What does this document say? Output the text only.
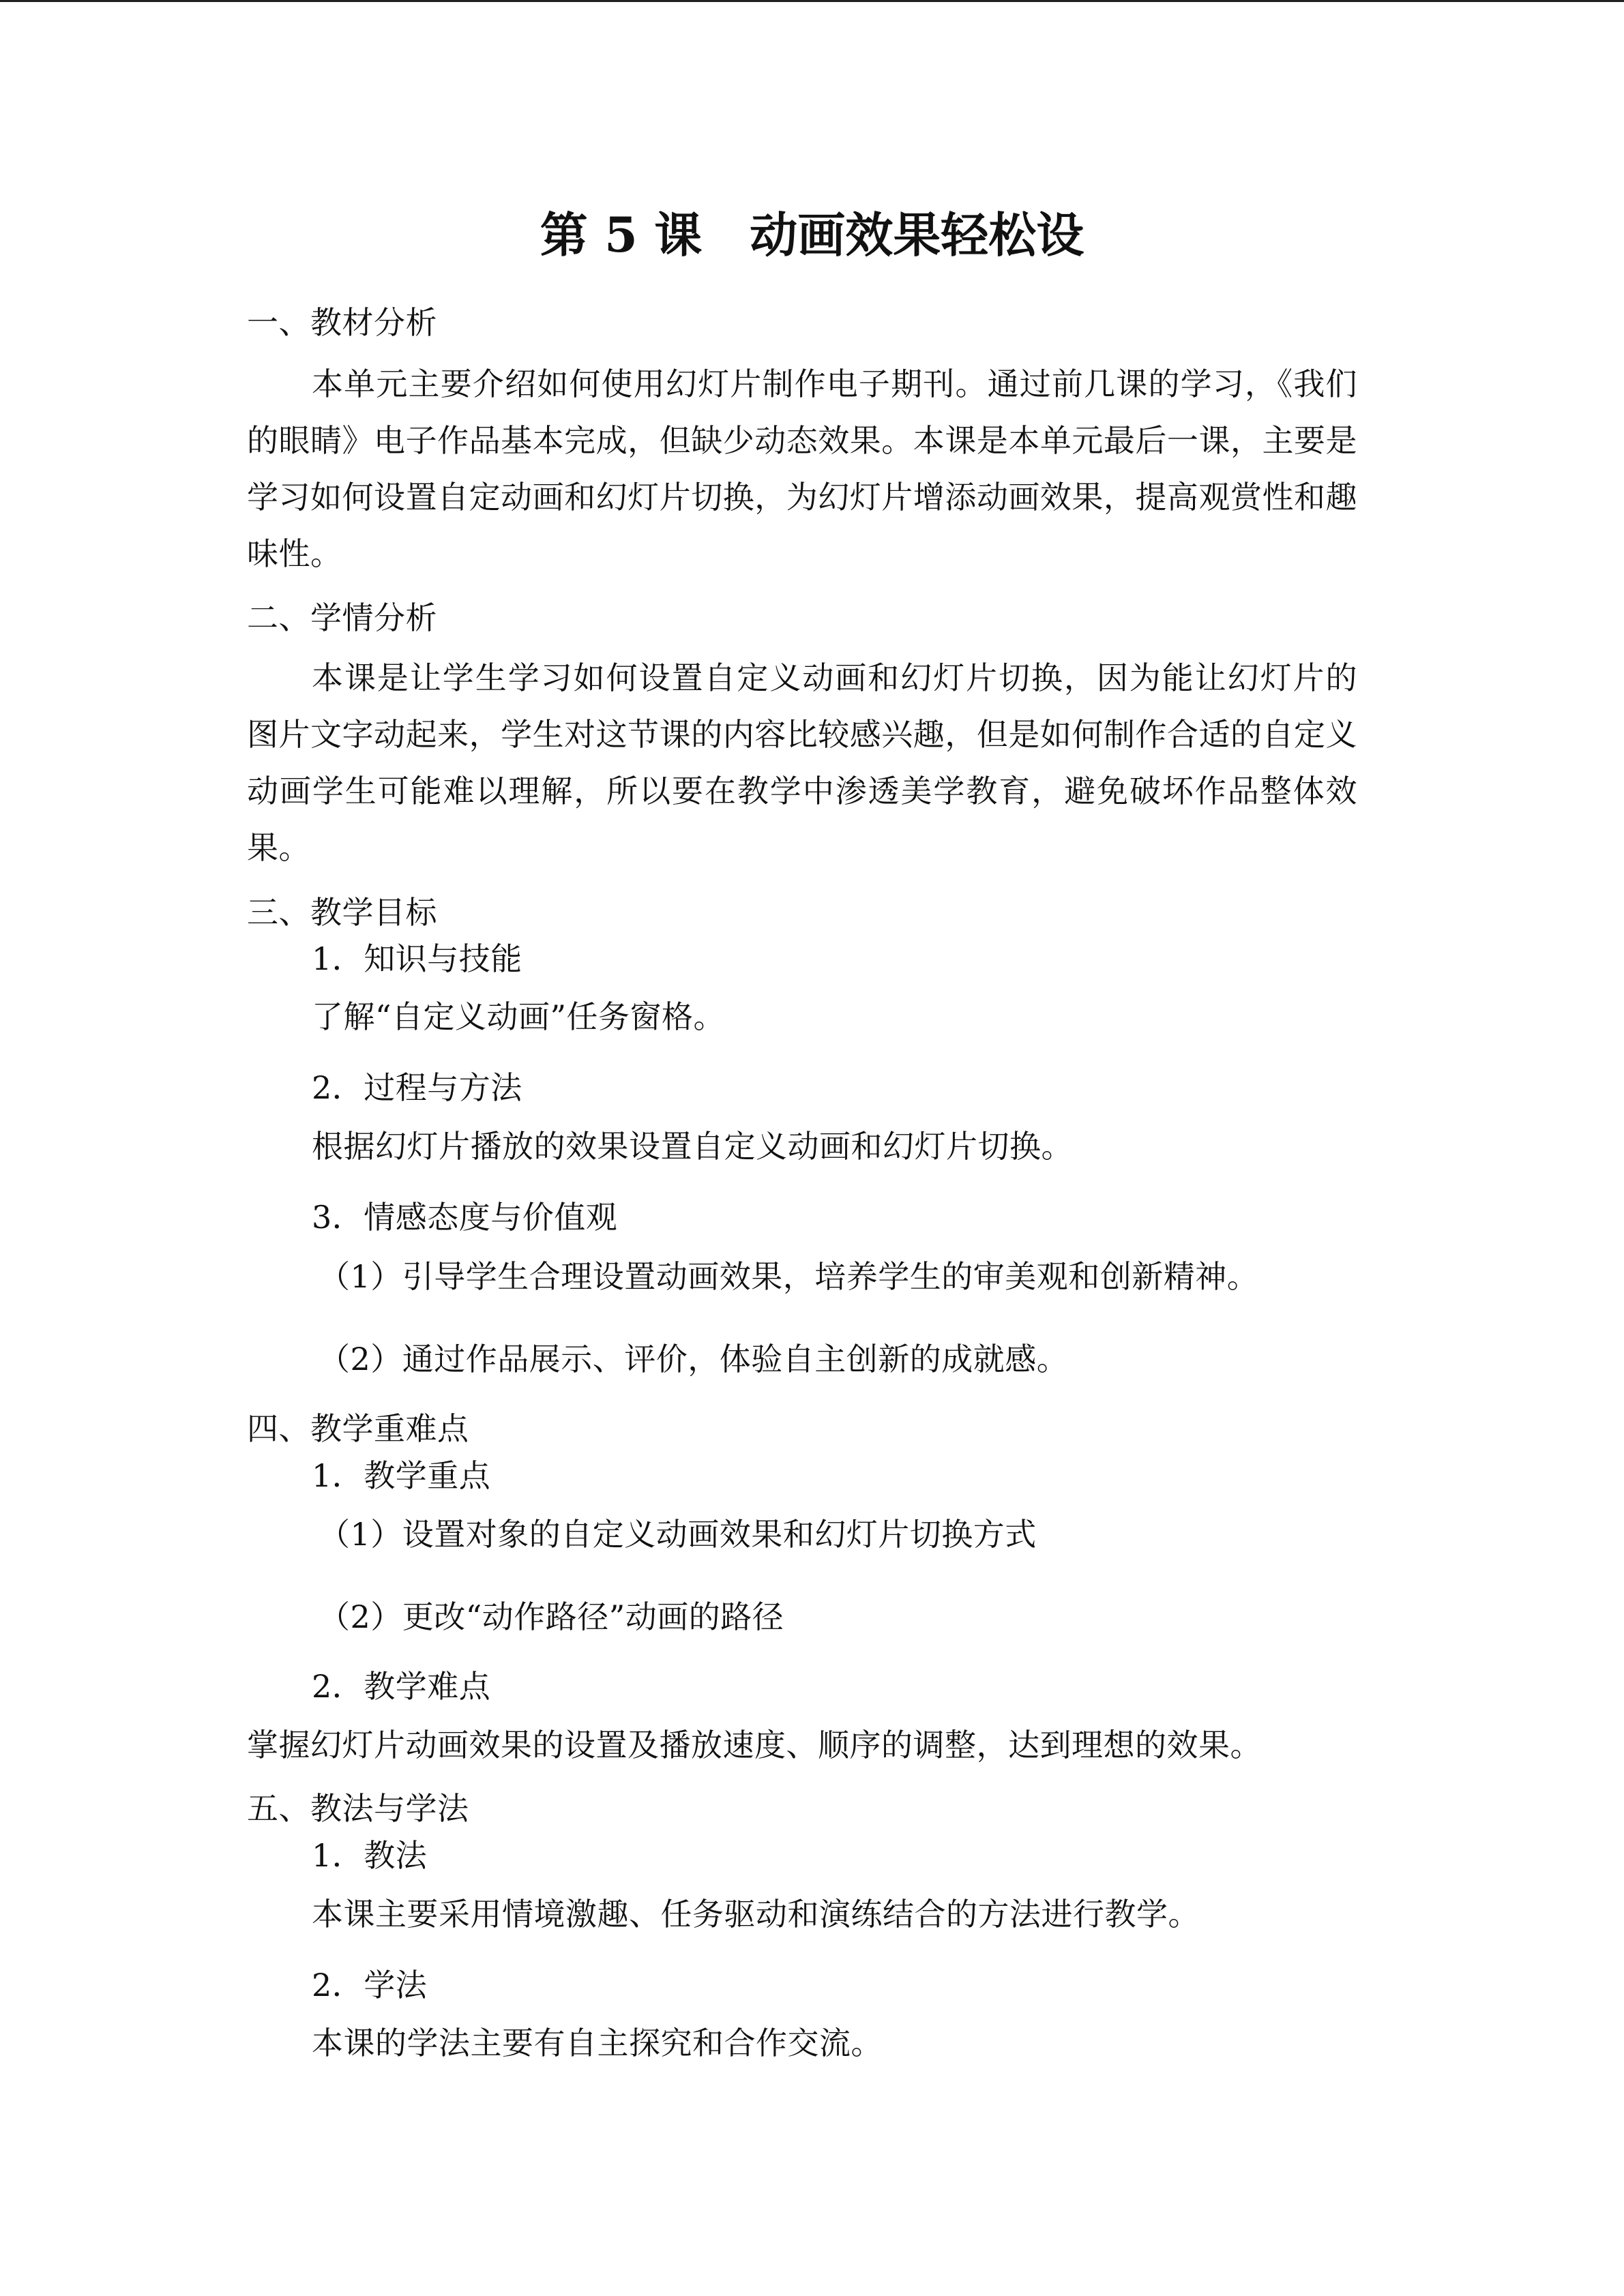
第 5 课　动画效果轻松设

一、教材分析

本单元主要介绍如何使用幻灯片制作电子期刊。通过前几课的学习，《我们的眼睛》电子作品基本完成，但缺少动态效果。本课是本单元最后一课，主要是学习如何设置自定动画和幻灯片切换，为幻灯片增添动画效果，提高观赏性和趣味性。

二、学情分析

本课是让学生学习如何设置自定义动画和幻灯片切换，因为能让幻灯片的图片文字动起来，学生对这节课的内容比较感兴趣，但是如何制作合适的自定义动画学生可能难以理解，所以要在教学中渗透美学教育，避免破坏作品整体效果。

三、教学目标

1．知识与技能

了解“自定义动画”任务窗格。

2．过程与方法

根据幻灯片播放的效果设置自定义动画和幻灯片切换。

3．情感态度与价值观

（1）引导学生合理设置动画效果，培养学生的审美观和创新精神。

（2）通过作品展示、评价，体验自主创新的成就感。

四、教学重难点

1．教学重点

（1）设置对象的自定义动画效果和幻灯片切换方式

（2）更改“动作路径”动画的路径

2．教学难点

掌握幻灯片动画效果的设置及播放速度、顺序的调整，达到理想的效果。

五、教法与学法

1．教法

本课主要采用情境激趣、任务驱动和演练结合的方法进行教学。

2．学法

本课的学法主要有自主探究和合作交流。
